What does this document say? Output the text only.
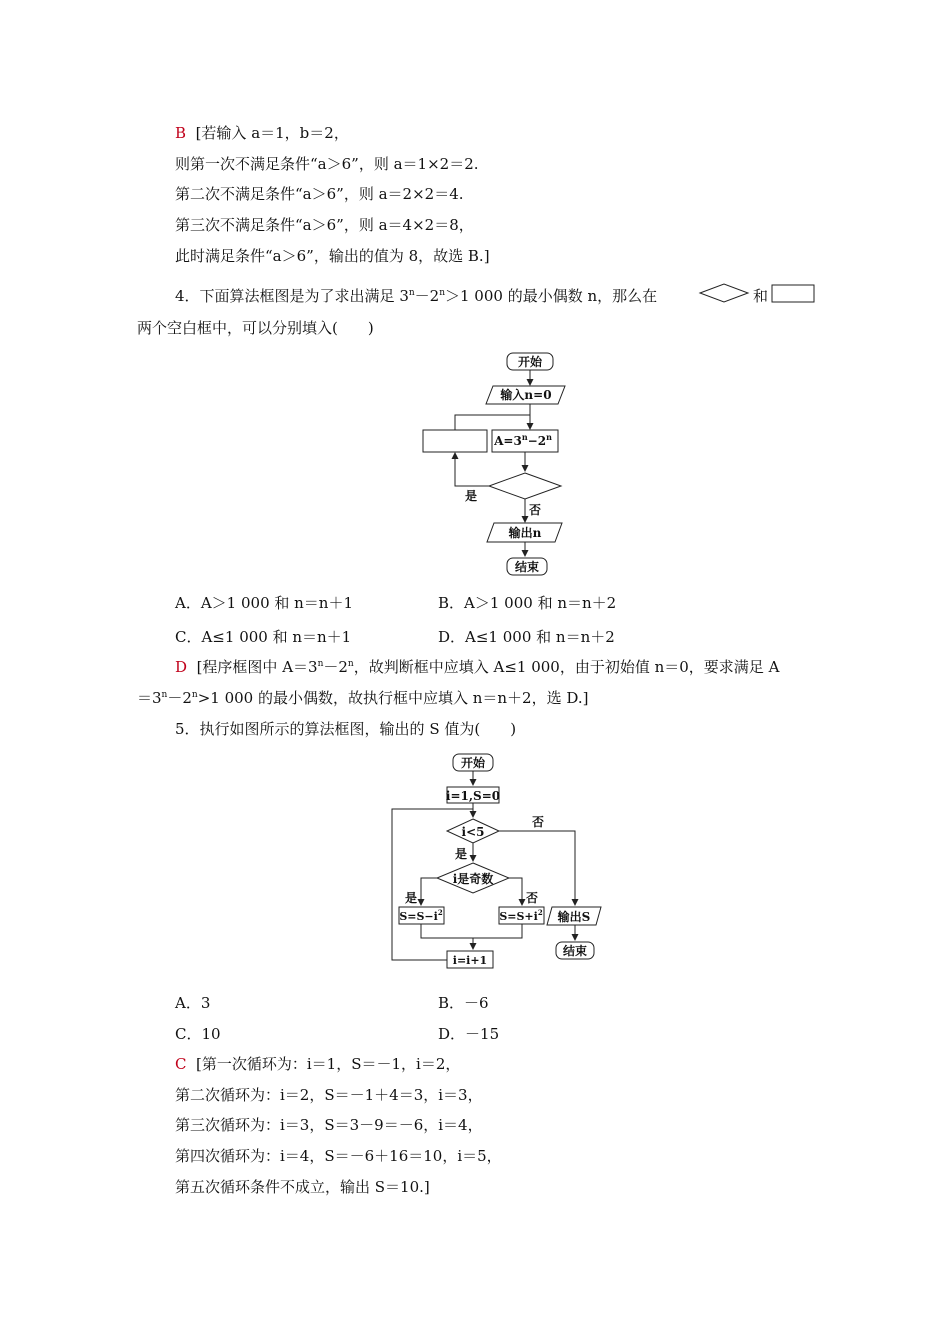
B [若输入 a＝1，b＝2，
则第一次不满足条件“a＞6”，则 a＝1×2＝2.
第二次不满足条件“a＞6”，则 a＝2×2＝4.
第三次不满足条件“a＞6”，则 a＝4×2＝8，
此时满足条件“a＞6”，输出的值为 8，故选 B.]
4．下面算法框图是为了求出满足 $3^n-2^n>1$ 000 的最小偶数 n，那么在	和
两个空白框中，可以分别填入(　　)
开始
输入n=0
$A=3^n-2^n$
是
否
输出n
结束
A．A＞1 000 和 n＝n＋1	B．A＞1 000 和 n＝n＋2
C．A≤1 000 和 n＝n＋1	D．A≤1 000 和 n＝n＋2
D [程序框图中 $A=3^n-2^n$，故判断框中应填入 A≤1 000，由于初始值 n＝0，要求满足 A
$=3^n-2^n>1$ 000 的最小偶数，故执行框中应填入 n＝n＋2，选 D.]
5．执行如图所示的算法框图，输出的 S 值为(　　)
开始
i=1,S=0
i<5
否
是
i是奇数
是	否
$S=S-i^2$	$S=S+i^2$ 输出S
结束
i=i+1
A．3	B．－6
C．10	D．－15
C [第一次循环为：i＝1，S＝－1，i＝2，
第二次循环为：i＝2，S＝－1＋4＝3，i＝3，
第三次循环为：i＝3，S＝3－9＝－6，i＝4，
第四次循环为：i＝4，S＝－6＋16＝10，i＝5，
第五次循环条件不成立，输出 S＝10.]
